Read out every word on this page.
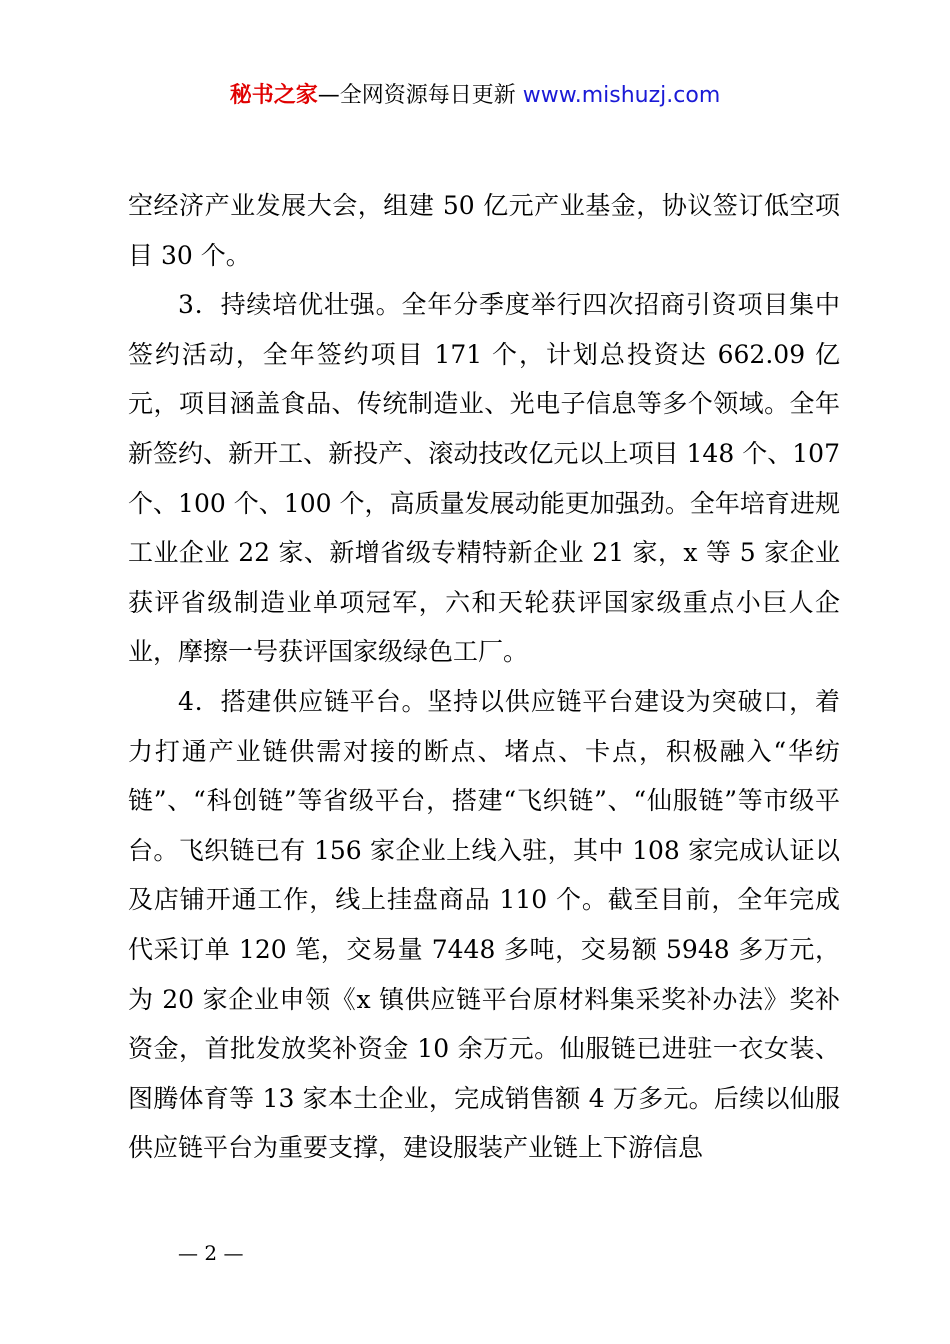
秘书之家—全网资源每日更新 www.mishuzj.com

空经济产业发展大会，组建 50 亿元产业基金，协议签订低空项目 30 个。

3．持续培优壮强。全年分季度举行四次招商引资项目集中签约活动，全年签约项目 171 个，计划总投资达 662.09 亿元，项目涵盖食品、传统制造业、光电子信息等多个领域。全年新签约、新开工、新投产、滚动技改亿元以上项目 148 个、107 个、100 个、100 个，高质量发展动能更加强劲。全年培育进规工业企业 22 家、新增省级专精特新企业 21 家，x 等 5 家企业获评省级制造业单项冠军，六和天轮获评国家级重点小巨人企业，摩擦一号获评国家级绿色工厂。

4．搭建供应链平台。坚持以供应链平台建设为突破口，着力打通产业链供需对接的断点、堵点、卡点，积极融入“华纺链”、“科创链”等省级平台，搭建“飞织链”、“仙服链”等市级平台。飞织链已有 156 家企业上线入驻，其中 108 家完成认证以及店铺开通工作，线上挂盘商品 110 个。截至目前，全年完成代采订单 120 笔，交易量 7448 多吨，交易额 5948 多万元，为 20 家企业申领《x 镇供应链平台原材料集采奖补办法》奖补资金，首批发放奖补资金 10 余万元。仙服链已进驻一衣女装、图腾体育等 13 家本土企业，完成销售额 4 万多元。后续以仙服供应链平台为重要支撑，建设服装产业链上下游信息

— 2 —
